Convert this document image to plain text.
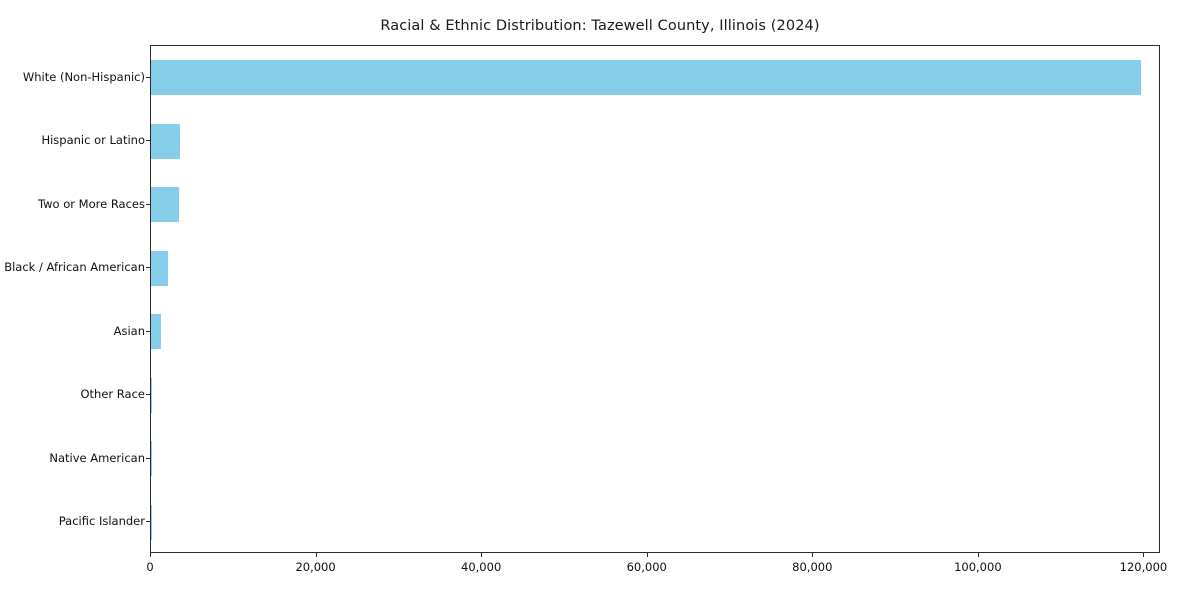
Racial & Ethnic Distribution: Tazewell County, Illinois (2024)
White (Non-Hispanic)
Hispanic or Latino
Two or More Races
Black / African American
Asian
Other Race
Native American
Pacific Islander
0	20,000	40,000	60,000	80,000	100,000	120,000
